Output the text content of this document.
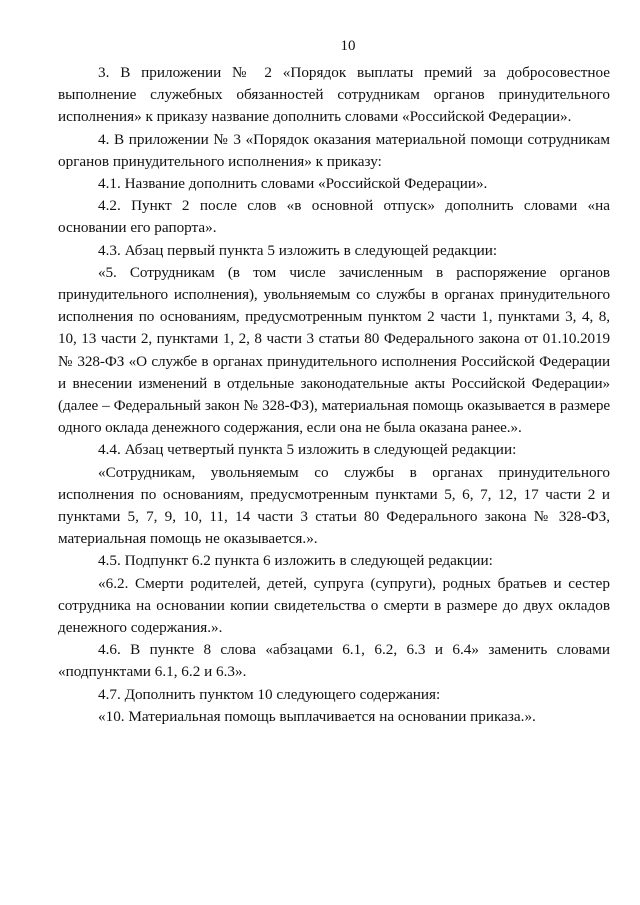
10

3. В приложении № 2 «Порядок выплаты премий за добросовестное выполнение служебных обязанностей сотрудникам органов принудительного исполнения» к приказу название дополнить словами «Российской Федерации».

4. В приложении № 3 «Порядок оказания материальной помощи сотрудникам органов принудительного исполнения» к приказу:

4.1. Название дополнить словами «Российской Федерации».

4.2. Пункт 2 после слов «в основной отпуск» дополнить словами «на основании его рапорта».

4.3. Абзац первый пункта 5 изложить в следующей редакции:

«5. Сотрудникам (в том числе зачисленным в распоряжение органов принудительного исполнения), увольняемым со службы в органах принудительного исполнения по основаниям, предусмотренным пунктом 2 части 1, пунктами 3, 4, 8, 10, 13 части 2, пунктами 1, 2, 8 части 3 статьи 80 Федерального закона от 01.10.2019 № 328-ФЗ «О службе в органах принудительного исполнения Российской Федерации и внесении изменений в отдельные законодательные акты Российской Федерации» (далее – Федеральный закон № 328-ФЗ), материальная помощь оказывается в размере одного оклада денежного содержания, если она не была оказана ранее.».

4.4. Абзац четвертый пункта 5 изложить в следующей редакции:

«Сотрудникам, увольняемым со службы в органах принудительного исполнения по основаниям, предусмотренным пунктами 5, 6, 7, 12, 17 части 2 и пунктами 5, 7, 9, 10, 11, 14 части 3 статьи 80 Федерального закона № 328-ФЗ, материальная помощь не оказывается.».

4.5. Подпункт 6.2 пункта 6 изложить в следующей редакции:

«6.2. Смерти родителей, детей, супруга (супруги), родных братьев и сестер сотрудника на основании копии свидетельства о смерти в размере до двух окладов денежного содержания.».

4.6. В пункте 8 слова «абзацами 6.1, 6.2, 6.3 и 6.4» заменить словами «подпунктами 6.1, 6.2 и 6.3».

4.7. Дополнить пунктом 10 следующего содержания:

«10. Материальная помощь выплачивается на основании приказа.».
